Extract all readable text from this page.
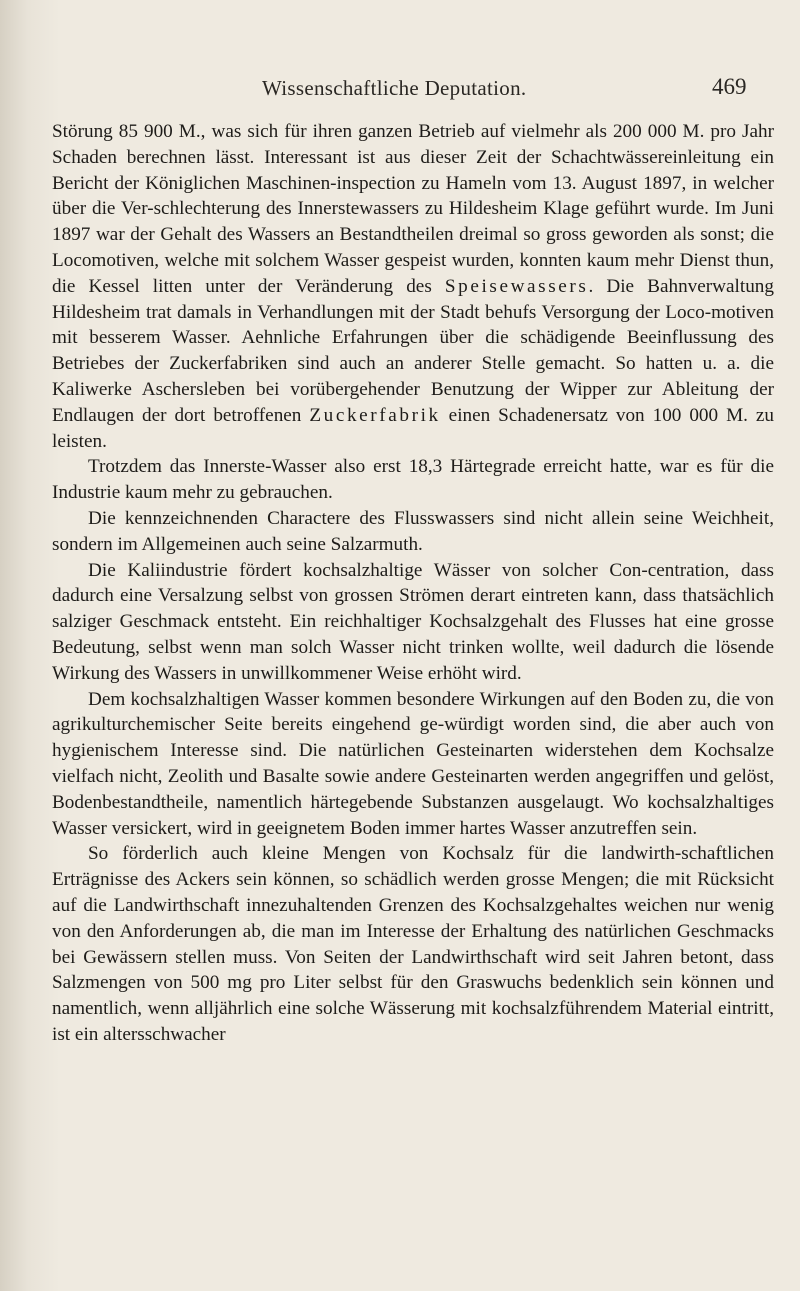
Wissenschaftliche Deputation.	469

Störung 85 900 M., was sich für ihren ganzen Betrieb auf vielmehr als 200 000 M. pro Jahr Schaden berechnen lässt. Interessant ist aus dieser Zeit der Schachtwässereinleitung ein Bericht der Königlichen Maschinen-inspection zu Hameln vom 13. August 1897, in welcher über die Ver-schlechterung des Innerstewassers zu Hildesheim Klage geführt wurde. Im Juni 1897 war der Gehalt des Wassers an Bestandtheilen dreimal so gross geworden als sonst; die Locomotiven, welche mit solchem Wasser gespeist wurden, konnten kaum mehr Dienst thun, die Kessel litten unter der Veränderung des Speisewassers. Die Bahnverwaltung Hildesheim trat damals in Verhandlungen mit der Stadt behufs Versorgung der Loco-motiven mit besserem Wasser. Aehnliche Erfahrungen über die schädigende Beeinflussung des Betriebes der Zuckerfabriken sind auch an anderer Stelle gemacht. So hatten u. a. die Kaliwerke Aschersleben bei vorübergehender Benutzung der Wipper zur Ableitung der Endlaugen der dort betroffenen Zuckerfabrik einen Schadenersatz von 100 000 M. zu leisten.

Trotzdem das Innerste-Wasser also erst 18,3 Härtegrade erreicht hatte, war es für die Industrie kaum mehr zu gebrauchen.

Die kennzeichnenden Charactere des Flusswassers sind nicht allein seine Weichheit, sondern im Allgemeinen auch seine Salzarmuth.

Die Kaliindustrie fördert kochsalzhaltige Wässer von solcher Con-centration, dass dadurch eine Versalzung selbst von grossen Strömen derart eintreten kann, dass thatsächlich salziger Geschmack entsteht. Ein reichhaltiger Kochsalzgehalt des Flusses hat eine grosse Bedeutung, selbst wenn man solch Wasser nicht trinken wollte, weil dadurch die lösende Wirkung des Wassers in unwillkommener Weise erhöht wird.

Dem kochsalzhaltigen Wasser kommen besondere Wirkungen auf den Boden zu, die von agrikulturchemischer Seite bereits eingehend ge-würdigt worden sind, die aber auch von hygienischem Interesse sind. Die natürlichen Gesteinarten widerstehen dem Kochsalze vielfach nicht, Zeolith und Basalte sowie andere Gesteinarten werden angegriffen und gelöst, Bodenbestandtheile, namentlich härtegebende Substanzen ausgelaugt. Wo kochsalzhaltiges Wasser versickert, wird in geeignetem Boden immer hartes Wasser anzutreffen sein.

So förderlich auch kleine Mengen von Kochsalz für die landwirth-schaftlichen Erträgnisse des Ackers sein können, so schädlich werden grosse Mengen; die mit Rücksicht auf die Landwirthschaft innezuhaltenden Grenzen des Kochsalzgehaltes weichen nur wenig von den Anforderungen ab, die man im Interesse der Erhaltung des natürlichen Geschmacks bei Gewässern stellen muss. Von Seiten der Landwirthschaft wird seit Jahren betont, dass Salzmengen von 500 mg pro Liter selbst für den Graswuchs bedenklich sein können und namentlich, wenn alljährlich eine solche Wässerung mit kochsalzführendem Material eintritt, ist ein altersschwacher
